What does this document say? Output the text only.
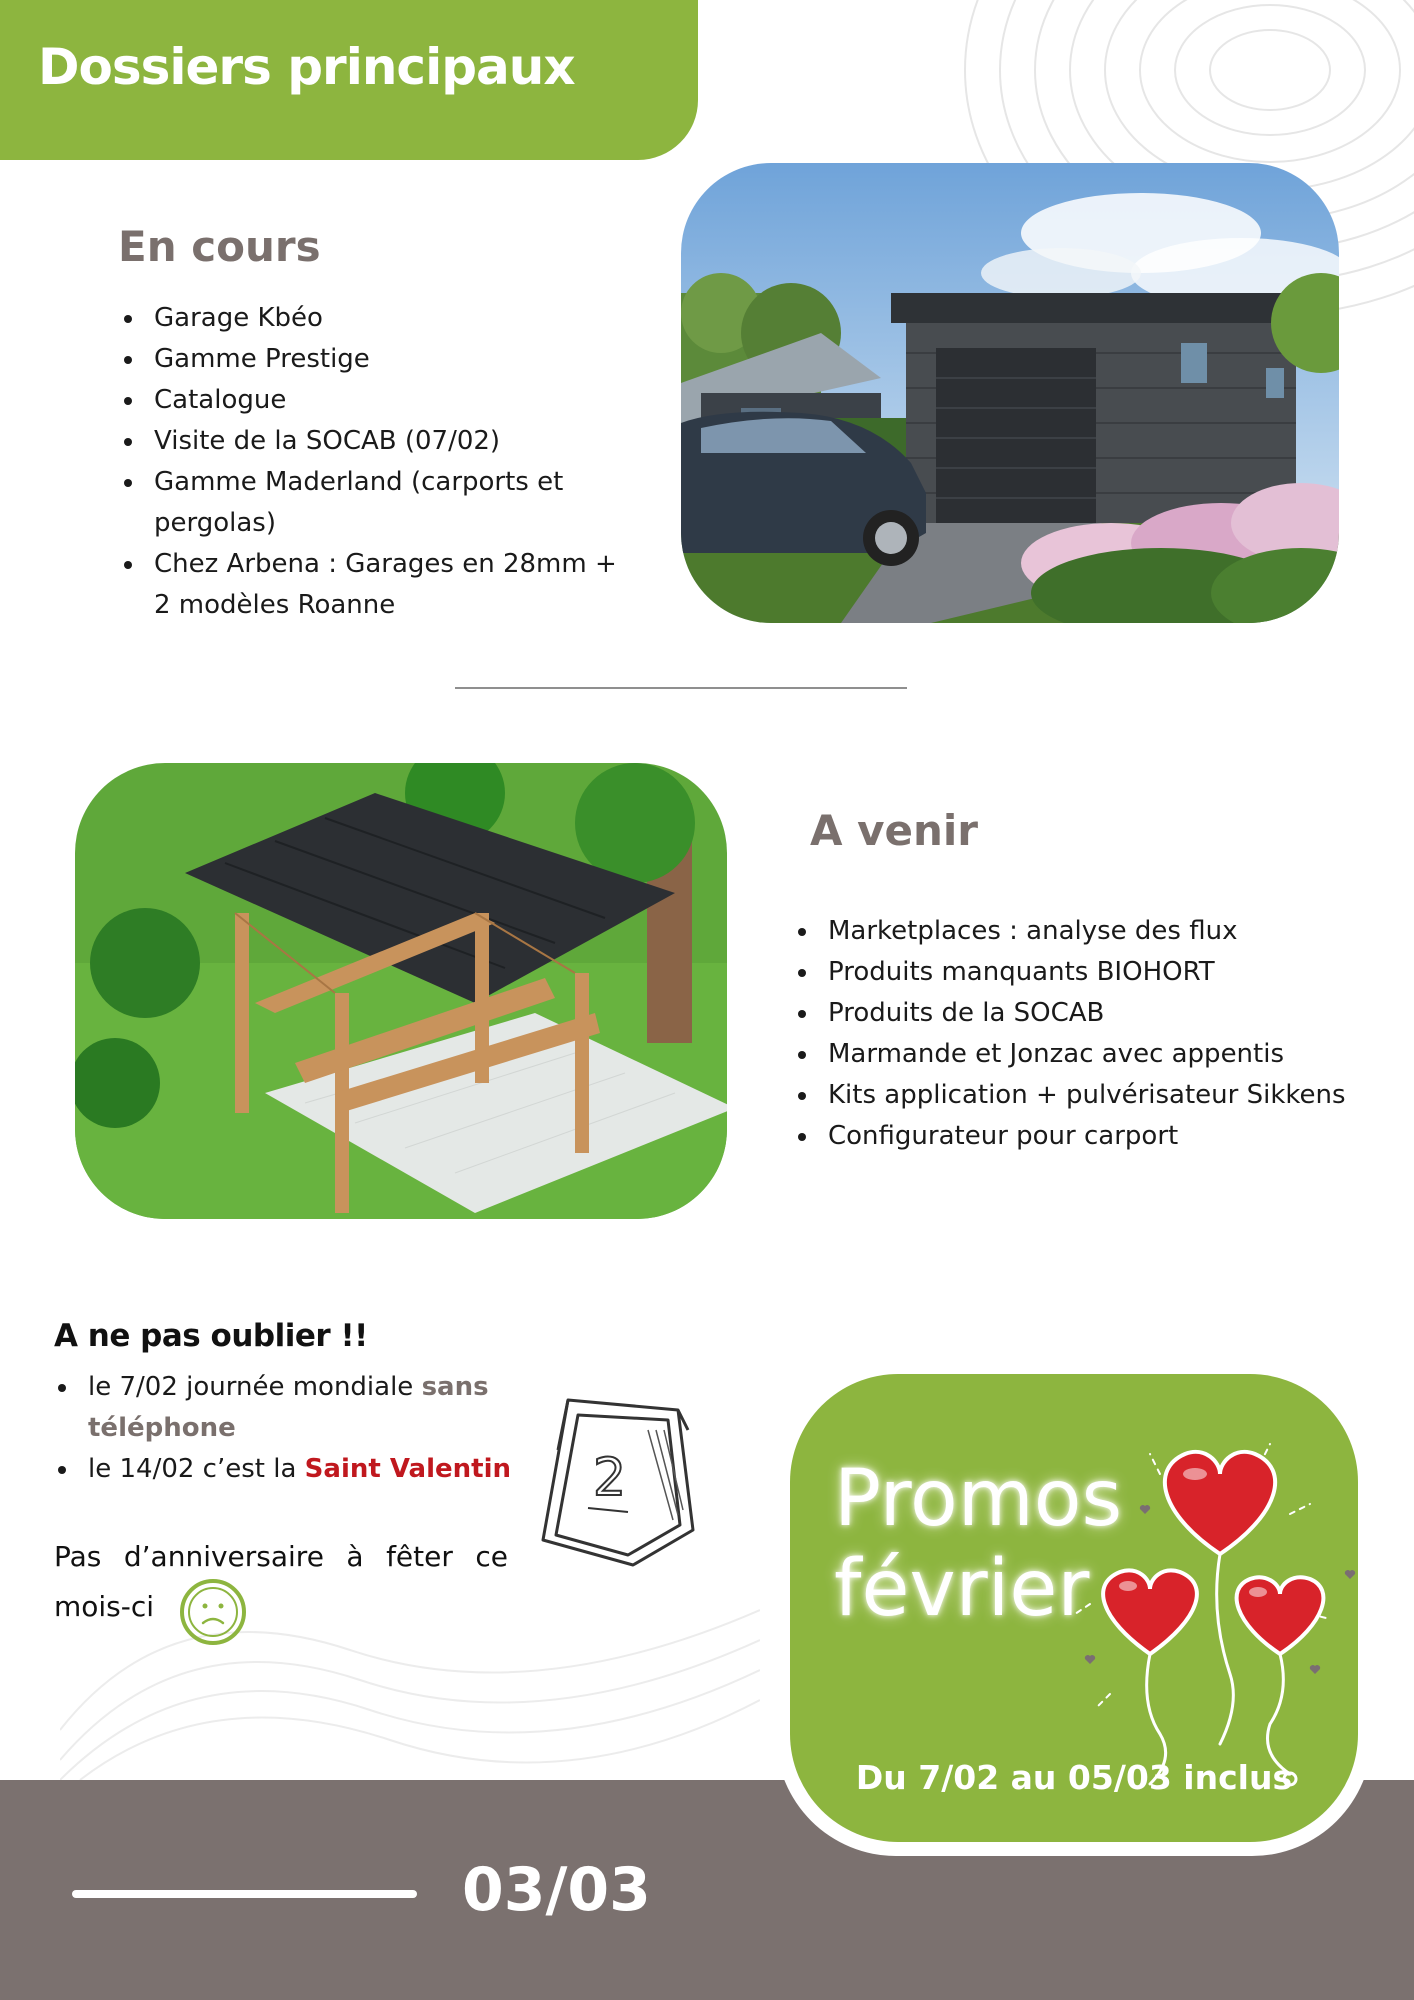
Dossiers principaux
En cours
Garage Kbéo
Gamme Prestige
Catalogue
Visite de la SOCAB (07/02)
Gamme Maderland (carports et pergolas)
Chez Arbena : Garages en 28mm + 2 modèles Roanne
A venir
Marketplaces : analyse des flux
Produits manquants BIOHORT
Produits de la SOCAB
Marmande et Jonzac avec appentis
Kits application + pulvérisateur Sikkens
Configurateur pour carport
A ne pas oublier !!
le 7/02 journée mondiale sans téléphone
le 14/02 c’est la Saint Valentin
Pas d’anniversaire à fêter ce mois-ci
2
03/03
Promos
février
Du 7/02 au 05/03 inclus
